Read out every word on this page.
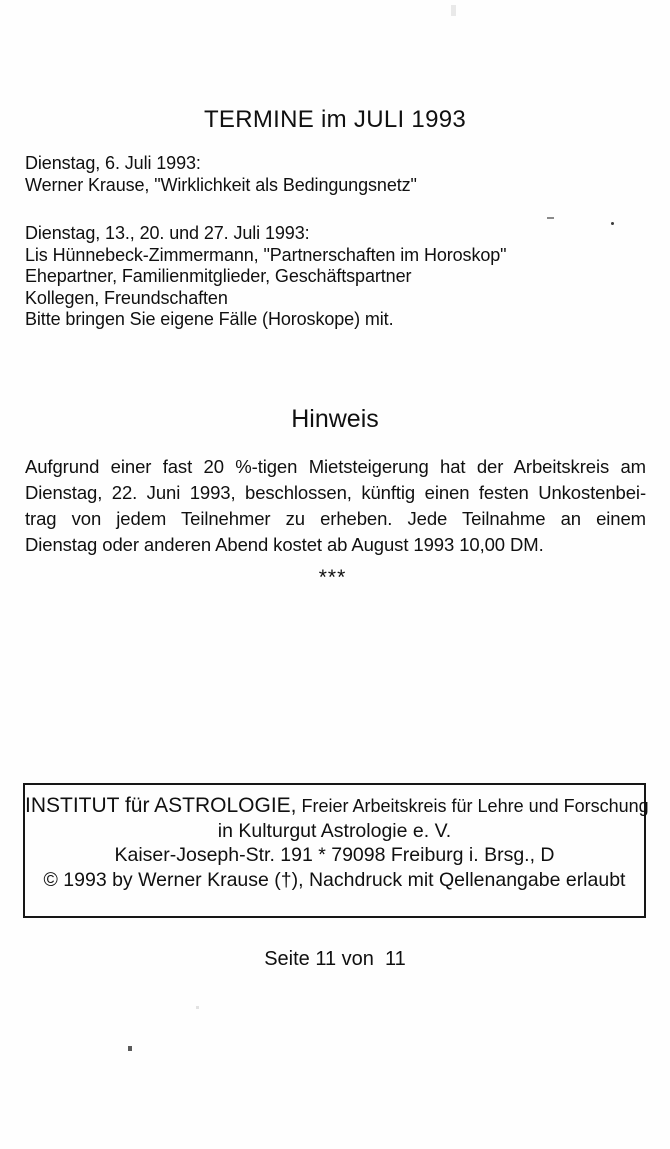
TERMINE im JULI 1993
Dienstag, 6. Juli 1993:
Werner Krause, "Wirklichkeit als Bedingungsnetz"
Dienstag, 13., 20. und 27. Juli 1993:
Lis Hünnebeck-Zimmermann, "Partnerschaften im Horoskop"
Ehepartner, Familienmitglieder, Geschäftspartner
Kollegen, Freundschaften
Bitte bringen Sie eigene Fälle (Horoskope) mit.
Hinweis
Aufgrund einer fast 20 %-tigen Mietsteigerung hat der Arbeitskreis am
Dienstag, 22. Juni 1993, beschlossen, künftig einen festen Unkostenbei-
trag von jedem Teilnehmer zu erheben. Jede Teilnahme an einem
Dienstag oder anderen Abend kostet ab August 1993 10,00 DM.
***
INSTITUT für ASTROLOGIE, Freier Arbeitskreis für Lehre und Forschung
in Kulturgut Astrologie e. V.
Kaiser-Joseph-Str. 191 * 79098 Freiburg i. Brsg., D
© 1993 by Werner Krause (†), Nachdruck mit Qellenangabe erlaubt
Seite 11 von  11
